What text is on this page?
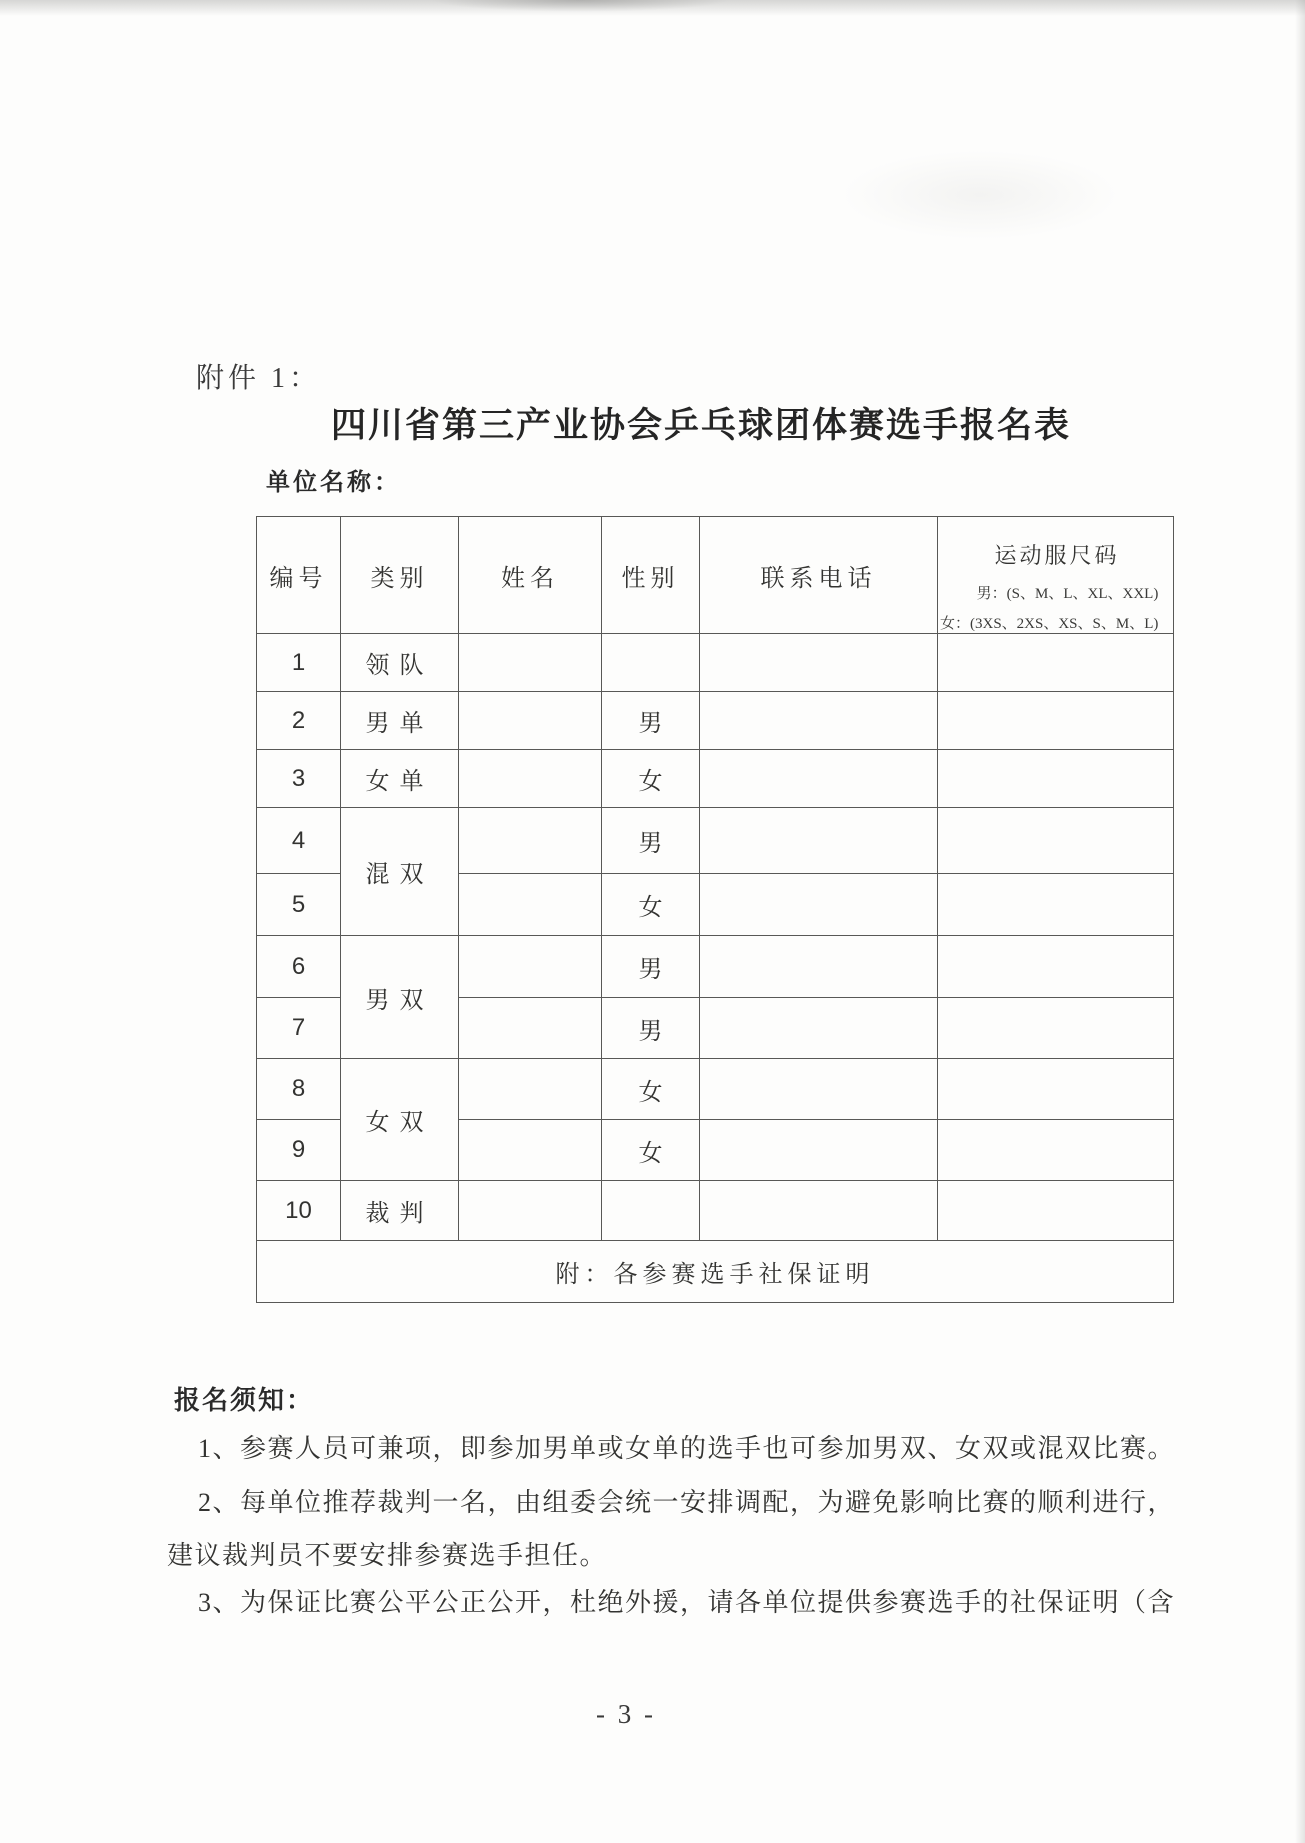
附件 1：
四川省第三产业协会乒乓球团体赛选手报名表
单位名称：
编号	类别	姓名	性别	联系电话	运动服尺码
男：(S、M、L、XL、XXL)
女：(3XS、2XS、XS、S、M、L)

1	领队				
2	男单		男		
3	女单		女		
4	混双		男		
5			女		
6	男双		男		
7			男		
8	女双		女		
9			女		
10	裁判				
附：各参赛选手社保证明					
报名须知：

1、参赛人员可兼项，即参加男单或女单的选手也可参加男双、女双或混双比赛。

2、每单位推荐裁判一名，由组委会统一安排调配，为避免影响比赛的顺利进行，

建议裁判员不要安排参赛选手担任。

3、为保证比赛公平公正公开，杜绝外援，请各单位提供参赛选手的社保证明（含

- 3 -
